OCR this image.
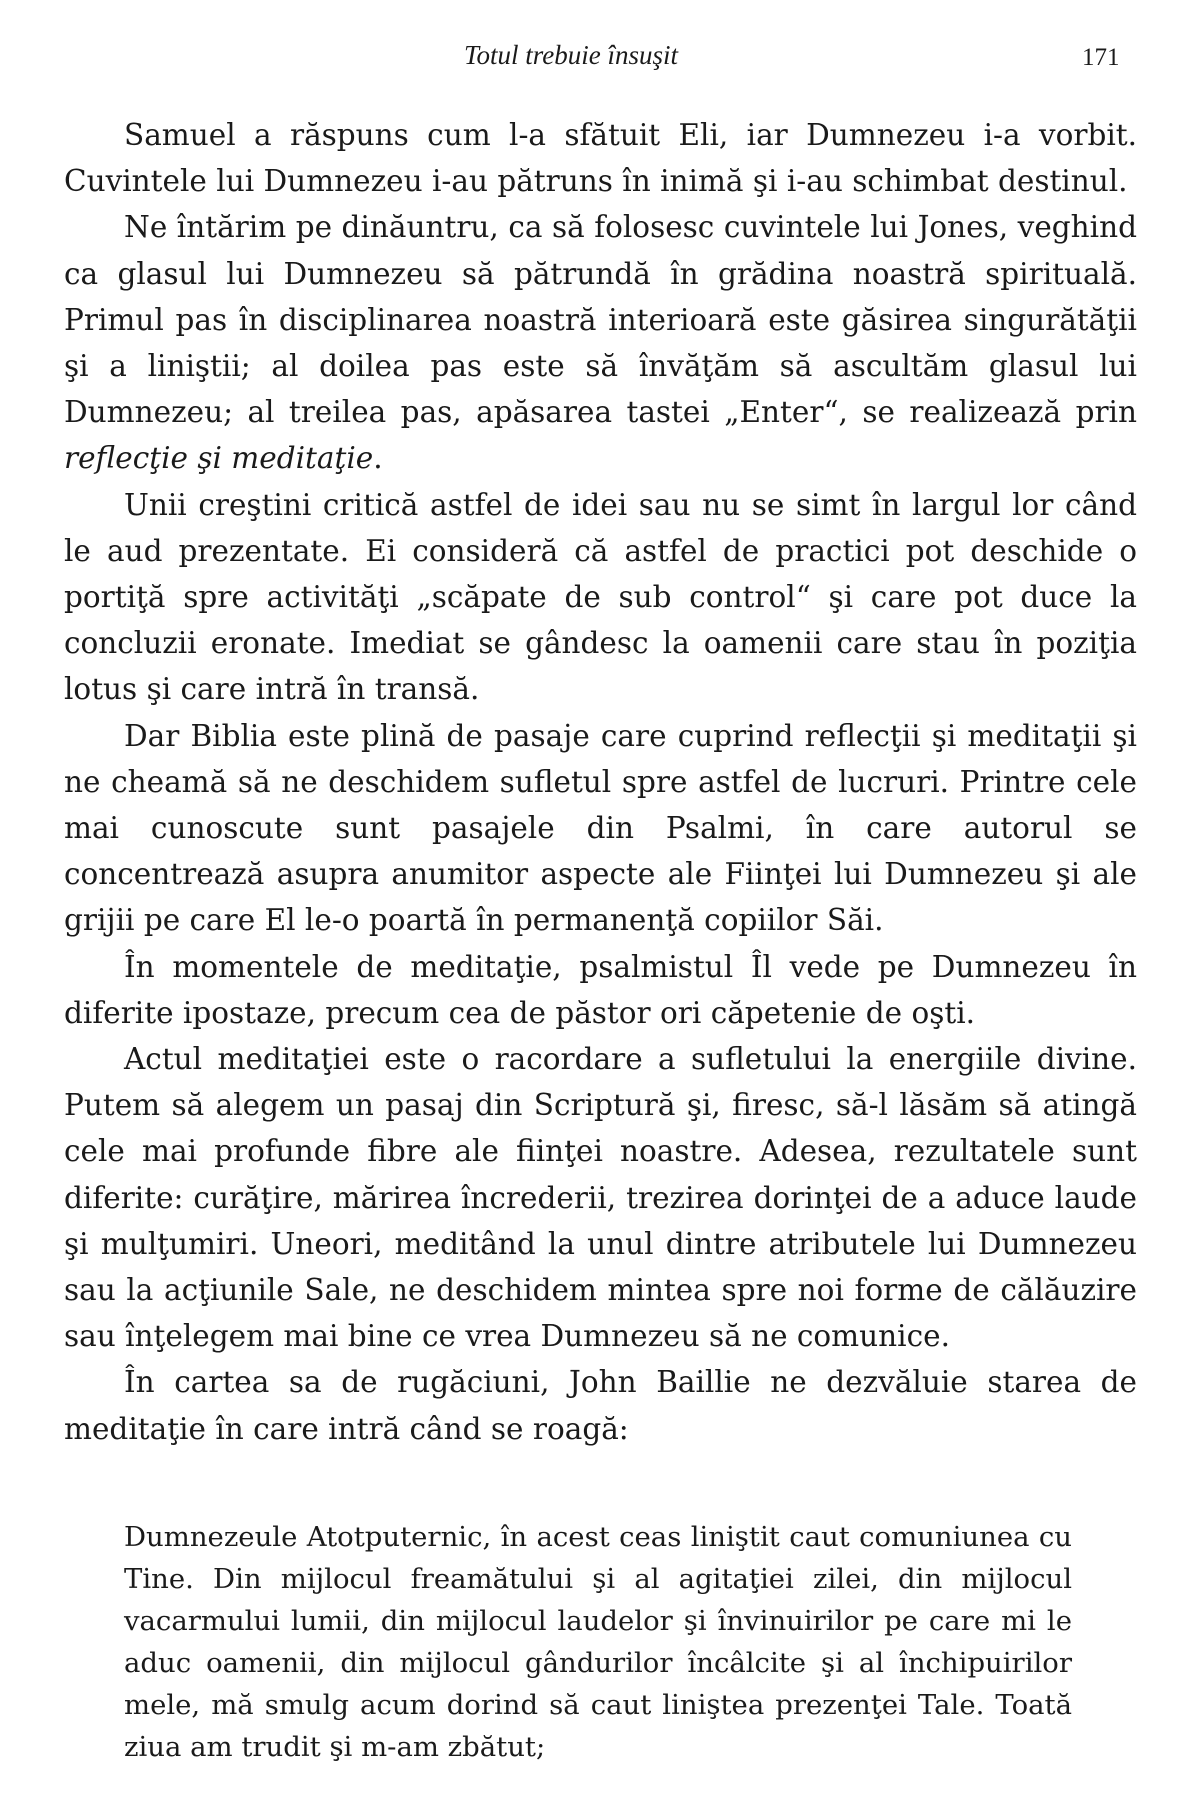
Totul trebuie însuşit	171

Samuel a răspuns cum l-a sfătuit Eli, iar Dumnezeu i-a vorbit. Cuvintele lui Dumnezeu i-au pătruns în inimă şi i-au schimbat destinul.

Ne întărim pe dinăuntru, ca să folosesc cuvintele lui Jones, veghind ca glasul lui Dumnezeu să pătrundă în grădina noastră spirituală. Primul pas în disciplinarea noastră interioară este găsirea singurătăţii şi a liniştii; al doilea pas este să învăţăm să ascultăm glasul lui Dumnezeu; al treilea pas, apăsarea tastei „Enter“, se realizează prin reflecţie şi meditaţie.

Unii creştini critică astfel de idei sau nu se simt în largul lor când le aud prezentate. Ei consideră că astfel de practici pot deschide o portiţă spre activităţi „scăpate de sub control“ şi care pot duce la concluzii eronate. Imediat se gândesc la oamenii care stau în poziţia lotus şi care intră în transă.

Dar Biblia este plină de pasaje care cuprind reflecţii şi meditaţii şi ne cheamă să ne deschidem sufletul spre astfel de lucruri. Printre cele mai cunoscute sunt pasajele din Psalmi, în care autorul se concentrează asupra anumitor aspecte ale Fiinţei lui Dumnezeu şi ale grijii pe care El le-o poartă în permanenţă copiilor Săi.

În momentele de meditaţie, psalmistul Îl vede pe Dumnezeu în diferite ipostaze, precum cea de păstor ori căpetenie de oşti.

Actul meditaţiei este o racordare a sufletului la energiile divine. Putem să alegem un pasaj din Scriptură şi, firesc, să-l lăsăm să atingă cele mai profunde fibre ale fiinţei noastre. Adesea, rezultatele sunt diferite: curăţire, mărirea încrederii, trezirea dorinţei de a aduce laude şi mulţumiri. Uneori, meditând la unul dintre atributele lui Dumnezeu sau la acţiunile Sale, ne deschidem mintea spre noi forme de călăuzire sau înţelegem mai bine ce vrea Dumnezeu să ne comunice.

În cartea sa de rugăciuni, John Baillie ne dezvăluie starea de meditaţie în care intră când se roagă:

Dumnezeule Atotputernic, în acest ceas liniştit caut comuniunea cu Tine. Din mijlocul freamătului şi al agitaţiei zilei, din mijlocul vacarmului lumii, din mijlocul laudelor şi învinuirilor pe care mi le aduc oamenii, din mijlocul gândurilor încâlcite şi al închipuirilor mele, mă smulg acum dorind să caut liniştea prezenţei Tale. Toată ziua am trudit şi m-am zbătut;
